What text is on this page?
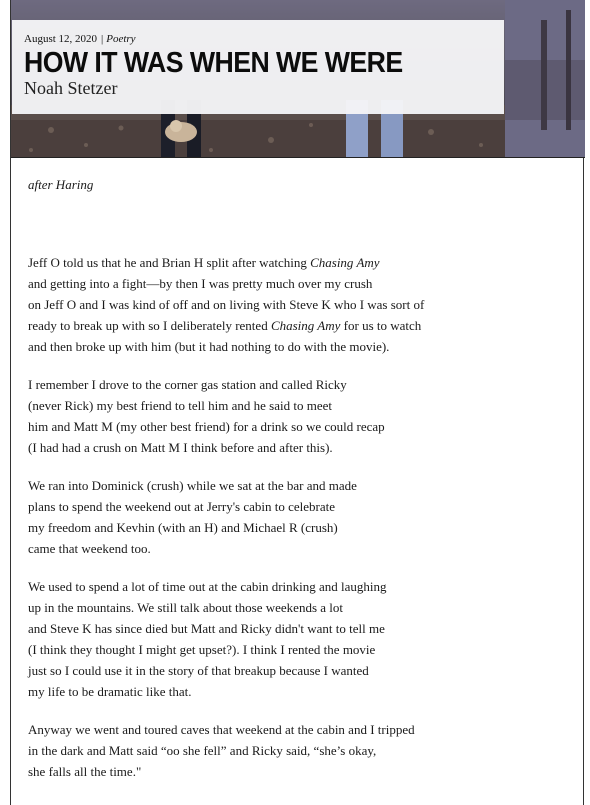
August 12, 2020 | Poetry
HOW IT WAS WHEN WE WERE
Noah Stetzer
after Haring
Jeff O told us that he and Brian H split after watching Chasing Amy
and getting into a fight—by then I was pretty much over my crush
on Jeff O and I was kind of off and on living with Steve K who I was sort of
ready to break up with so I deliberately rented Chasing Amy for us to watch
and then broke up with him (but it had nothing to do with the movie).
I remember I drove to the corner gas station and called Ricky
(never Rick) my best friend to tell him and he said to meet
him and Matt M (my other best friend) for a drink so we could recap
(I had had a crush on Matt M I think before and after this).
We ran into Dominick (crush) while we sat at the bar and made
plans to spend the weekend out at Jerry's cabin to celebrate
my freedom and Kevhin (with an H) and Michael R (crush)
came that weekend too.
We used to spend a lot of time out at the cabin drinking and laughing
up in the mountains. We still talk about those weekends a lot
and Steve K has since died but Matt and Ricky didn't want to tell me
(I think they thought I might get upset?). I think I rented the movie
just so I could use it in the story of that breakup because I wanted
my life to be dramatic like that.
Anyway we went and toured caves that weekend at the cabin and I tripped
in the dark and Matt said “oo she fell” and Ricky said, “she’s okay,
she falls all the time."
